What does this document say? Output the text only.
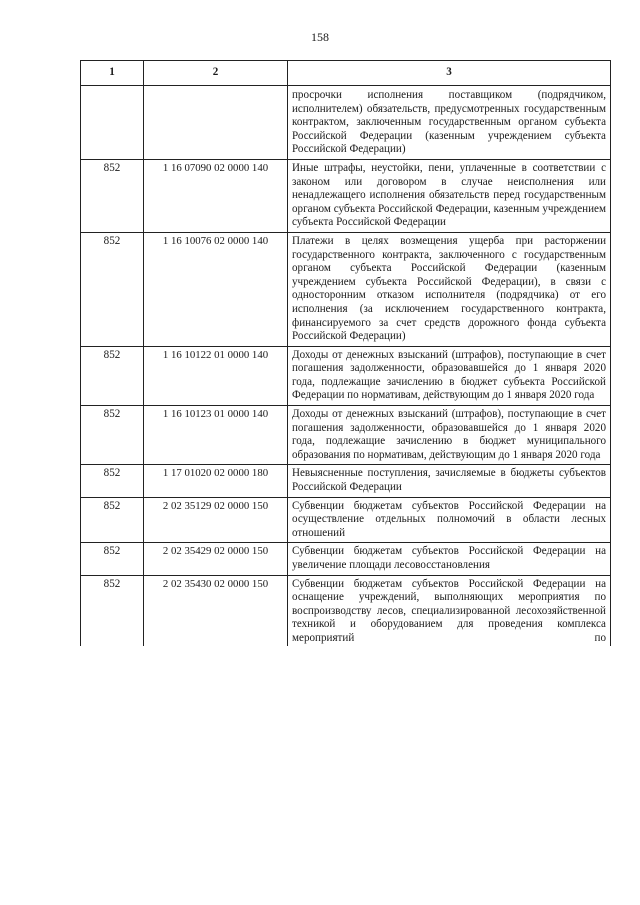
158
1	2	3
		просрочки исполнения поставщиком (подрядчиком, исполнителем) обязательств, предусмотренных государственным контрактом, заключенным государственным органом субъекта Российской Федерации (казенным учреждением субъекта Российской Федерации)
852	1 16 07090 02 0000 140	Иные штрафы, неустойки, пени, уплаченные в соответствии с законом или договором в случае неисполнения или ненадлежащего исполнения обязательств перед государственным органом субъекта Российской Федерации, казенным учреждением субъекта Российской Федерации
852	1 16 10076 02 0000 140	Платежи в целях возмещения ущерба при расторжении государственного контракта, заключенного с государственным органом субъекта Российской Федерации (казенным учреждением субъекта Российской Федерации), в связи с односторонним отказом исполнителя (подрядчика) от его исполнения (за исключением государственного контракта, финансируемого за счет средств дорожного фонда субъекта Российской Федерации)
852	1 16 10122 01 0000 140	Доходы от денежных взысканий (штрафов), поступающие в счет погашения задолженности, образовавшейся до 1 января 2020 года, подлежащие зачислению в бюджет субъекта Российской Федерации по нормативам, действующим до 1 января 2020 года
852	1 16 10123 01 0000 140	Доходы от денежных взысканий (штрафов), поступающие в счет погашения задолженности, образовавшейся до 1 января 2020 года, подлежащие зачислению в бюджет муниципального образования по нормативам, действующим до 1 января 2020 года
852	1 17 01020 02 0000 180	Невыясненные поступления, зачисляемые в бюджеты субъектов Российской Федерации
852	2 02 35129 02 0000 150	Субвенции бюджетам субъектов Российской Федерации на осуществление отдельных полномочий в области лесных отношений
852	2 02 35429 02 0000 150	Субвенции бюджетам субъектов Российской Федерации на увеличение площади лесовосстановления
852	2 02 35430 02 0000 150	Субвенции бюджетам субъектов Российской Федерации на оснащение учреждений, выполняющих мероприятия по воспроизводству лесов, специализированной лесохозяйственной техникой и оборудованием для проведения комплекса мероприятий по
